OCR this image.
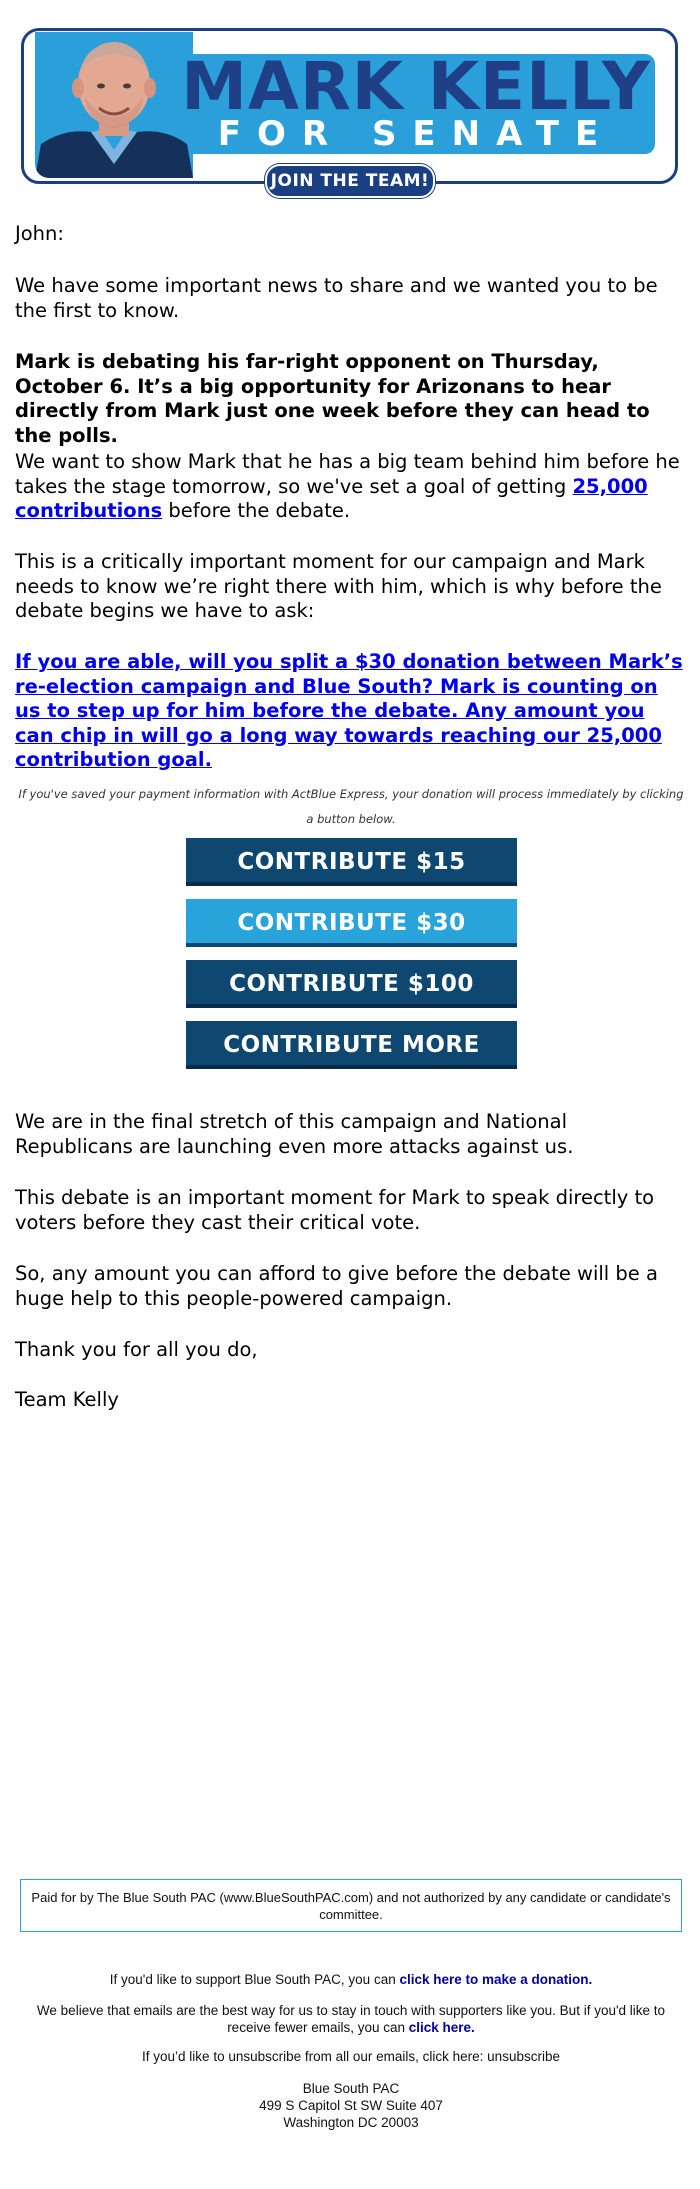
MARK KELLY
FOR SENATE
JOIN THE TEAM!

John:

We have some important news to share and we wanted you to be the first to know.

Mark is debating his far-right opponent on Thursday, October 6. It’s a big opportunity for Arizonans to hear directly from Mark just one week before they can head to the polls.

We want to show Mark that he has a big team behind him before he takes the stage tomorrow, so we've set a goal of getting 25,000 contributions before the debate.

This is a critically important moment for our campaign and Mark needs to know we’re right there with him, which is why before the debate begins we have to ask:

If you are able, will you split a $30 donation between Mark’s re-election campaign and Blue South? Mark is counting on us to step up for him before the debate. Any amount you can chip in will go a long way towards reaching our 25,000 contribution goal.

If you've saved your payment information with ActBlue Express, your donation will process immediately by clicking a button below.
CONTRIBUTE $15
CONTRIBUTE $30
CONTRIBUTE $100
CONTRIBUTE MORE

We are in the final stretch of this campaign and National Republicans are launching even more attacks against us.

This debate is an important moment for Mark to speak directly to voters before they cast their critical vote.

So, any amount you can afford to give before the debate will be a huge help to this people-powered campaign.

Thank you for all you do,

Team Kelly

Paid for by The Blue South PAC (www.BlueSouthPAC.com) and not authorized by any candidate or candidate's committee.
If you'd like to support Blue South PAC, you can click here to make a donation.
We believe that emails are the best way for us to stay in touch with supporters like you. But if you'd like to receive fewer emails, you can click here.
If you’d like to unsubscribe from all our emails, click here: unsubscribe
Blue South PAC
499 S Capitol St SW Suite 407
Washington DC 20003
